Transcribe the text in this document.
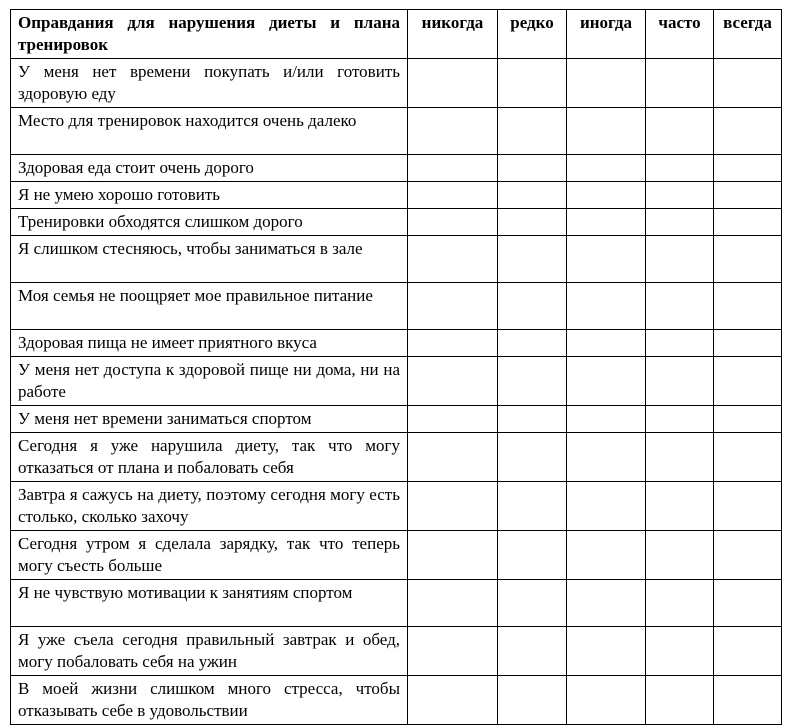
Оправдания для нарушения диеты и плана тренировок	никогда	редко	иногда	часто	всегда
У меня нет времени покупать и/или готовить здоровую еду					
Место для тренировок находится очень далеко					
Здоровая еда стоит очень дорого					
Я не умею хорошо готовить					
Тренировки обходятся слишком дорого					
Я слишком стесняюсь, чтобы заниматься в зале					
Моя семья не поощряет мое правильное питание					
Здоровая пища не имеет приятного вкуса					
У меня нет доступа к здоровой пище ни дома, ни на работе					
У меня нет времени заниматься спортом					
Сегодня я уже нарушила диету, так что могу отказаться от плана и побаловать себя					
Завтра я сажусь на диету, поэтому сегодня могу есть столько, сколько захочу					
Сегодня утром я сделала зарядку, так что теперь могу съесть больше					
Я не чувствую мотивации к занятиям спортом					
Я уже съела сегодня правильный завтрак и обед, могу побаловать себя на ужин					
В моей жизни слишком много стресса, чтобы отказывать себе в удовольствии					
